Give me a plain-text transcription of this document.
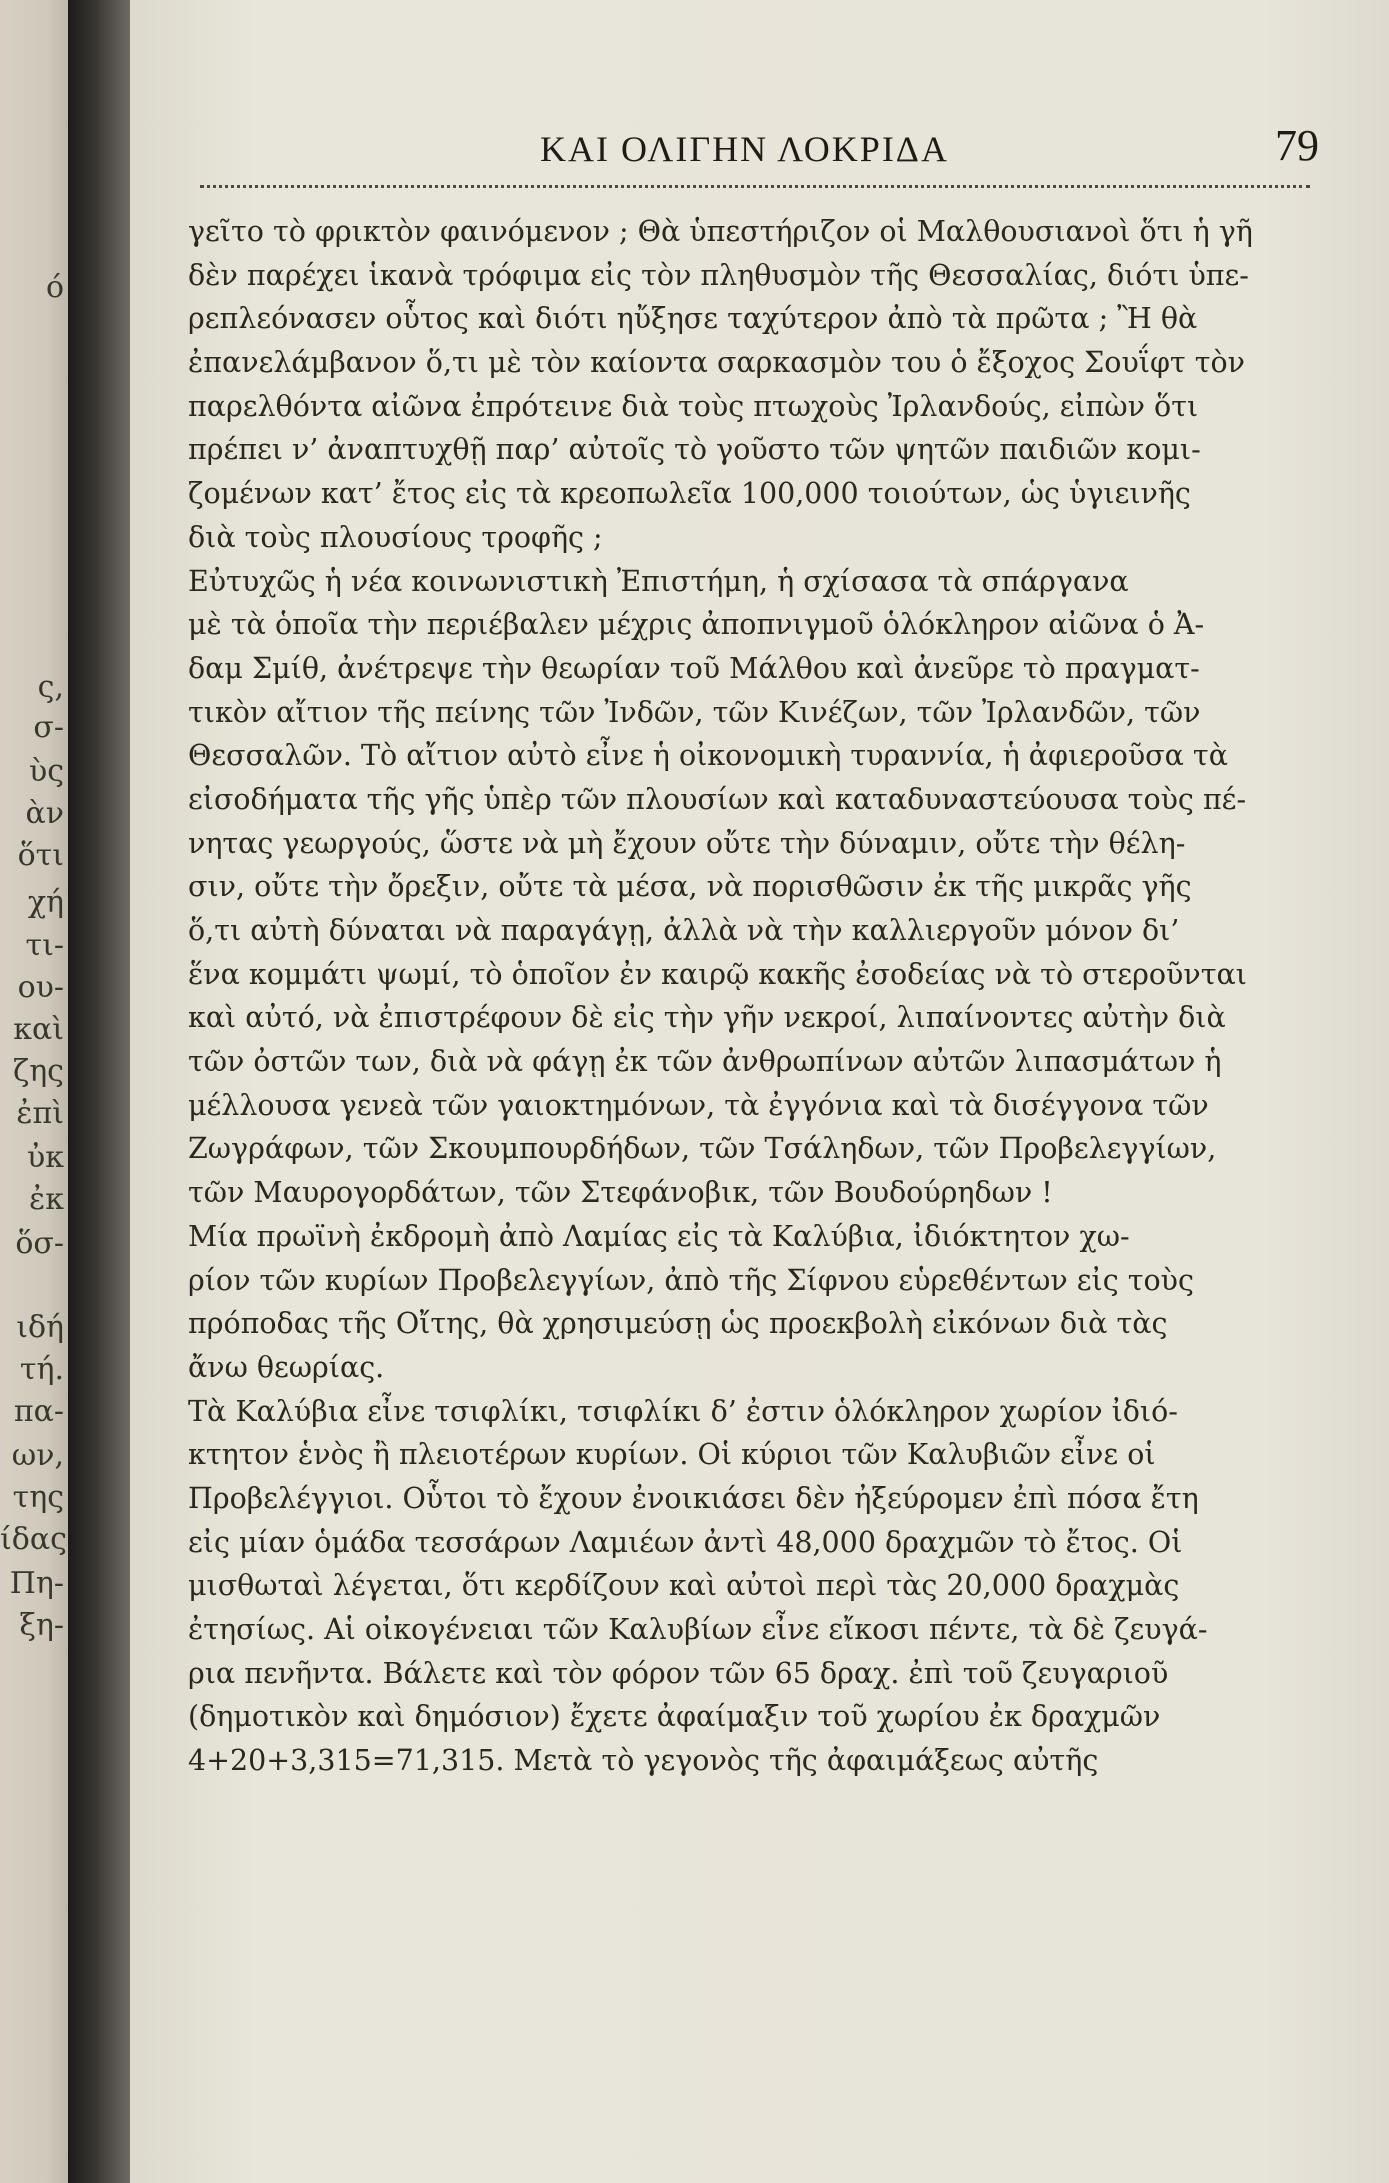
ό
ς,
σ‑
ὺς
ὰν
ὅτι
χή
τι‑
ου‑
καὶ
ζης
ἐπὶ
ὐκ
ἐκ
ὅσ‑
ιδή
τή.
πα‑
ων,
της
ίδας
Πη‑
ξη‑
ΚΑΙ ΟΛΙΓΗΝ ΛΟΚΡΙΔΑ	79
γεῖτο τὸ φρικτὸν φαινόμενον ; Θὰ ὑπεστήριζον οἱ Μαλθουσιανοὶ ὅτι ἡ γῆ
δὲν παρέχει ἱκανὰ τρόφιμα εἰς τὸν πληθυσμὸν τῆς Θεσσαλίας, διότι ὑπε‑
ρεπλεόνασεν οὗτος καὶ διότι ηὔξησε ταχύτερον ἀπὸ τὰ πρῶτα ; Ἢ θὰ
ἐπανελάμβανον ὅ,τι μὲ τὸν καίοντα σαρκασμὸν του ὁ ἔξοχος Σουΐφτ τὸν
παρελθόντα αἰῶνα ἐπρότεινε διὰ τοὺς πτωχοὺς Ἰρλανδούς, εἰπὼν ὅτι
πρέπει ν’ ἀναπτυχθῇ παρ’ αὐτοῖς τὸ γοῦστο τῶν ψητῶν παιδιῶν κομι‑
ζομένων κατ’ ἔτος εἰς τὰ κρεοπωλεῖα 100,000 τοιούτων, ὡς ὑγιεινῆς
διὰ τοὺς πλουσίους τροφῆς ;
Εὐτυχῶς ἡ νέα κοινωνιστικὴ Ἐπιστήμη, ἡ σχίσασα τὰ σπάργανα
μὲ τὰ ὁποῖα τὴν περιέβαλεν μέχρις ἀποπνιγμοῦ ὁλόκληρον αἰῶνα ὁ Ἀ‑
δαμ Σμίθ, ἀνέτρεψε τὴν θεωρίαν τοῦ Μάλθου καὶ ἀνεῦρε τὸ πραγματ‑
τικὸν αἴτιον τῆς πείνης τῶν Ἰνδῶν, τῶν Κινέζων, τῶν Ἰρλανδῶν, τῶν
Θεσσαλῶν. Τὸ αἴτιον αὐτὸ εἶνε ἡ οἰκονομικὴ τυραννία, ἡ ἀφιεροῦσα τὰ
εἰσοδήματα τῆς γῆς ὑπὲρ τῶν πλουσίων καὶ καταδυναστεύουσα τοὺς πέ‑
νητας γεωργούς, ὥστε νὰ μὴ ἔχουν οὔτε τὴν δύναμιν, οὔτε τὴν θέλη‑
σιν, οὔτε τὴν ὄρεξιν, οὔτε τὰ μέσα, νὰ πορισθῶσιν ἐκ τῆς μικρᾶς γῆς
ὅ,τι αὐτὴ δύναται νὰ παραγάγῃ, ἀλλὰ νὰ τὴν καλλιεργοῦν μόνον δι’
ἕνα κομμάτι ψωμί, τὸ ὁποῖον ἐν καιρῷ κακῆς ἐσοδείας νὰ τὸ στεροῦνται
καὶ αὐτό, νὰ ἐπιστρέφουν δὲ εἰς τὴν γῆν νεκροί, λιπαίνοντες αὐτὴν διὰ
τῶν ὀστῶν των, διὰ νὰ φάγῃ ἐκ τῶν ἀνθρωπίνων αὐτῶν λιπασμάτων ἡ
μέλλουσα γενεὰ τῶν γαιοκτημόνων, τὰ ἐγγόνια καὶ τὰ δισέγγονα τῶν
Ζωγράφων, τῶν Σκουμπουρδήδων, τῶν Τσάληδων, τῶν Προβελεγγίων,
τῶν Μαυρογορδάτων, τῶν Στεφάνοβικ, τῶν Βουδούρηδων !
Μία πρωϊνὴ ἐκδρομὴ ἀπὸ Λαμίας εἰς τὰ Καλύβια, ἰδιόκτητον χω‑
ρίον τῶν κυρίων Προβελεγγίων, ἀπὸ τῆς Σίφνου εὑρεθέντων εἰς τοὺς
πρόποδας τῆς Οἴτης, θὰ χρησιμεύσῃ ὡς προεκβολὴ εἰκόνων διὰ τὰς
ἄνω θεωρίας.
Τὰ Καλύβια εἶνε τσιφλίκι, τσιφλίκι δ’ ἐστιν ὁλόκληρον χωρίον ἰδιό‑
κτητον ἑνὸς ἢ πλειοτέρων κυρίων. Οἱ κύριοι τῶν Καλυβιῶν εἶνε οἱ
Προβελέγγιοι. Οὗτοι τὸ ἔχουν ἐνοικιάσει δὲν ἠξεύρομεν ἐπὶ πόσα ἔτη
εἰς μίαν ὁμάδα τεσσάρων Λαμιέων ἀντὶ 48,000 δραχμῶν τὸ ἔτος. Οἱ
μισθωταὶ λέγεται, ὅτι κερδίζουν καὶ αὐτοὶ περὶ τὰς 20,000 δραχμὰς
ἐτησίως. Αἱ οἰκογένειαι τῶν Καλυβίων εἶνε εἴκοσι πέντε, τὰ δὲ ζευγά‑
ρια πενῆντα. Βάλετε καὶ τὸν φόρον τῶν 65 δραχ. ἐπὶ τοῦ ζευγαριοῦ
(δημοτικὸν καὶ δημόσιον) ἔχετε ἀφαίμαξιν τοῦ χωρίου ἐκ δραχμῶν
4+20+3,315=71,315. Μετὰ τὸ γεγονὸς τῆς ἀφαιμάξεως αὐτῆς
